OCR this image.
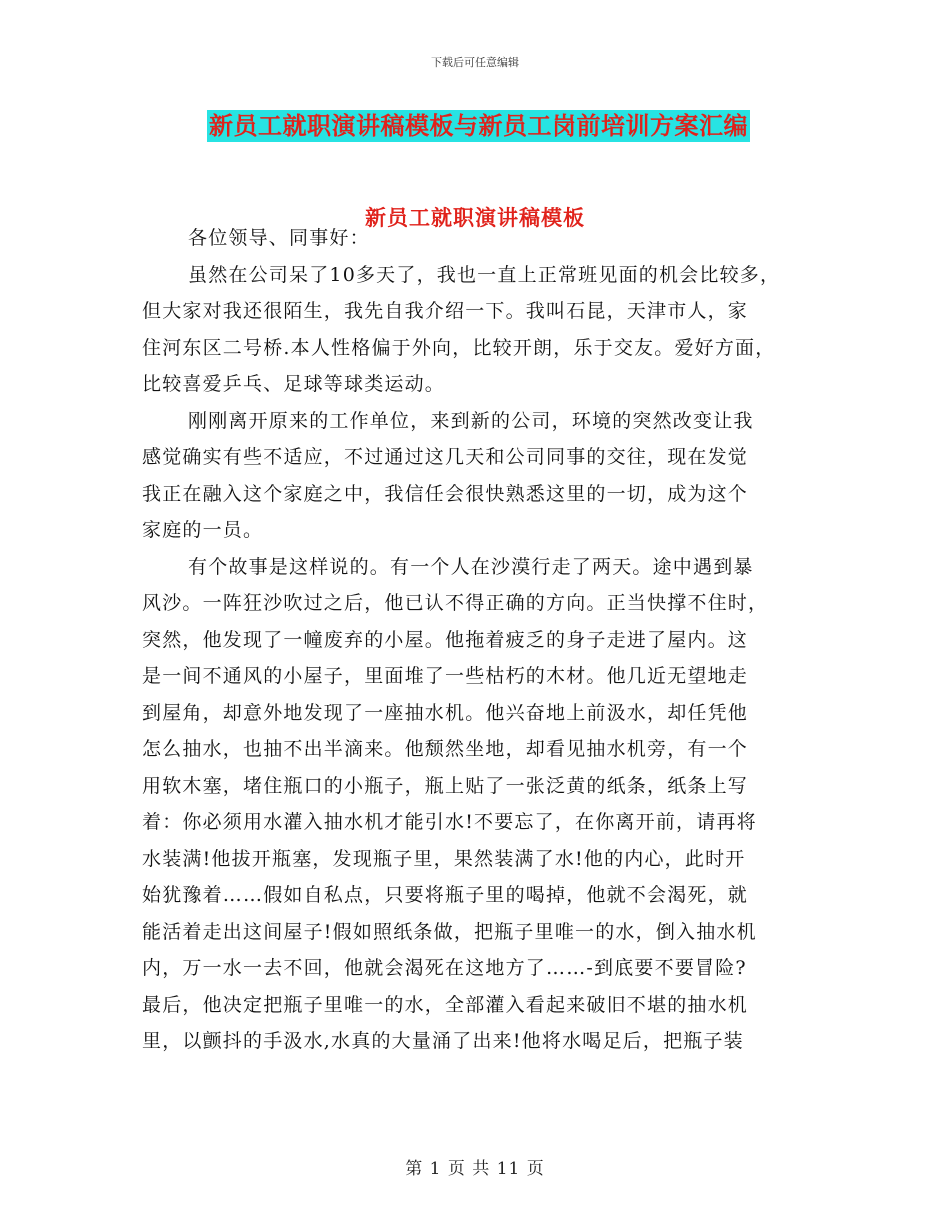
下载后可任意编辑
新员工就职演讲稿模板与新员工岗前培训方案汇编
新员工就职演讲稿模板
各位领导、同事好：
虽然在公司呆了10多天了，我也一直上正常班见面的机会比较多，
但大家对我还很陌生，我先自我介绍一下。我叫石昆，天津市人，家
住河东区二号桥.本人性格偏于外向，比较开朗，乐于交友。爱好方面，
比较喜爱乒乓、足球等球类运动。
刚刚离开原来的工作单位，来到新的公司，环境的突然改变让我
感觉确实有些不适应，不过通过这几天和公司同事的交往，现在发觉
我正在融入这个家庭之中，我信任会很快熟悉这里的一切，成为这个
家庭的一员。
有个故事是这样说的。有一个人在沙漠行走了两天。途中遇到暴
风沙。一阵狂沙吹过之后，他已认不得正确的方向。正当快撑不住时，
突然，他发现了一幢废弃的小屋。他拖着疲乏的身子走进了屋内。这
是一间不通风的小屋子，里面堆了一些枯朽的木材。他几近无望地走
到屋角，却意外地发现了一座抽水机。他兴奋地上前汲水，却任凭他
怎么抽水，也抽不出半滴来。他颓然坐地，却看见抽水机旁，有一个
用软木塞，堵住瓶口的小瓶子，瓶上贴了一张泛黄的纸条，纸条上写
着：你必须用水灌入抽水机才能引水!不要忘了，在你离开前，请再将
水装满!他拔开瓶塞，发现瓶子里，果然装满了水!他的内心，此时开
始犹豫着……假如自私点，只要将瓶子里的喝掉，他就不会渴死，就
能活着走出这间屋子!假如照纸条做，把瓶子里唯一的水，倒入抽水机
内，万一水一去不回，他就会渴死在这地方了……-到底要不要冒险?
最后，他决定把瓶子里唯一的水，全部灌入看起来破旧不堪的抽水机
里，以颤抖的手汲水,水真的大量涌了出来!他将水喝足后，把瓶子装
第 1 页 共 11 页
